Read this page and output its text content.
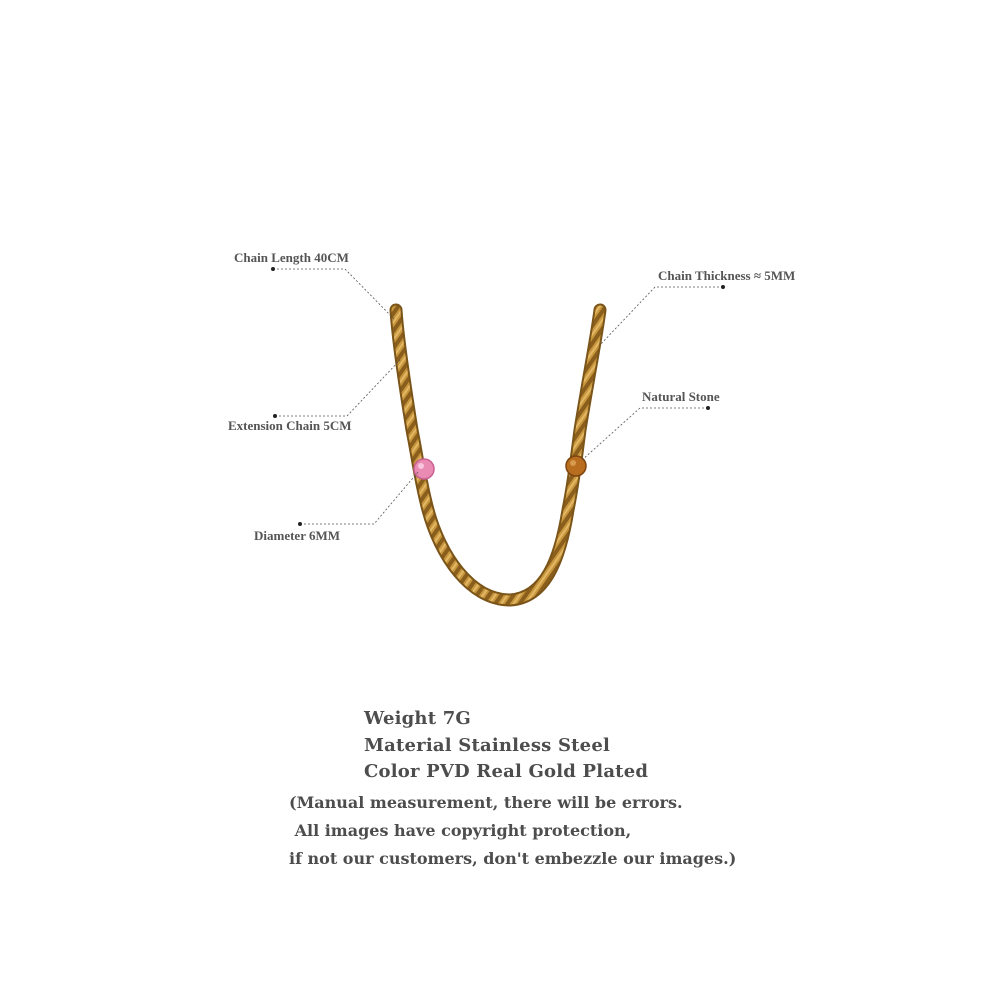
Chain Length 40CM
Extension Chain 5CM
Diameter 6MM
Chain Thickness ≈ 5MM
Natural Stone
Weight 7G
Material Stainless Steel
Color PVD Real Gold Plated
(Manual measurement, there will be errors.
All images have copyright protection,
if not our customers, don't embezzle our images.)
